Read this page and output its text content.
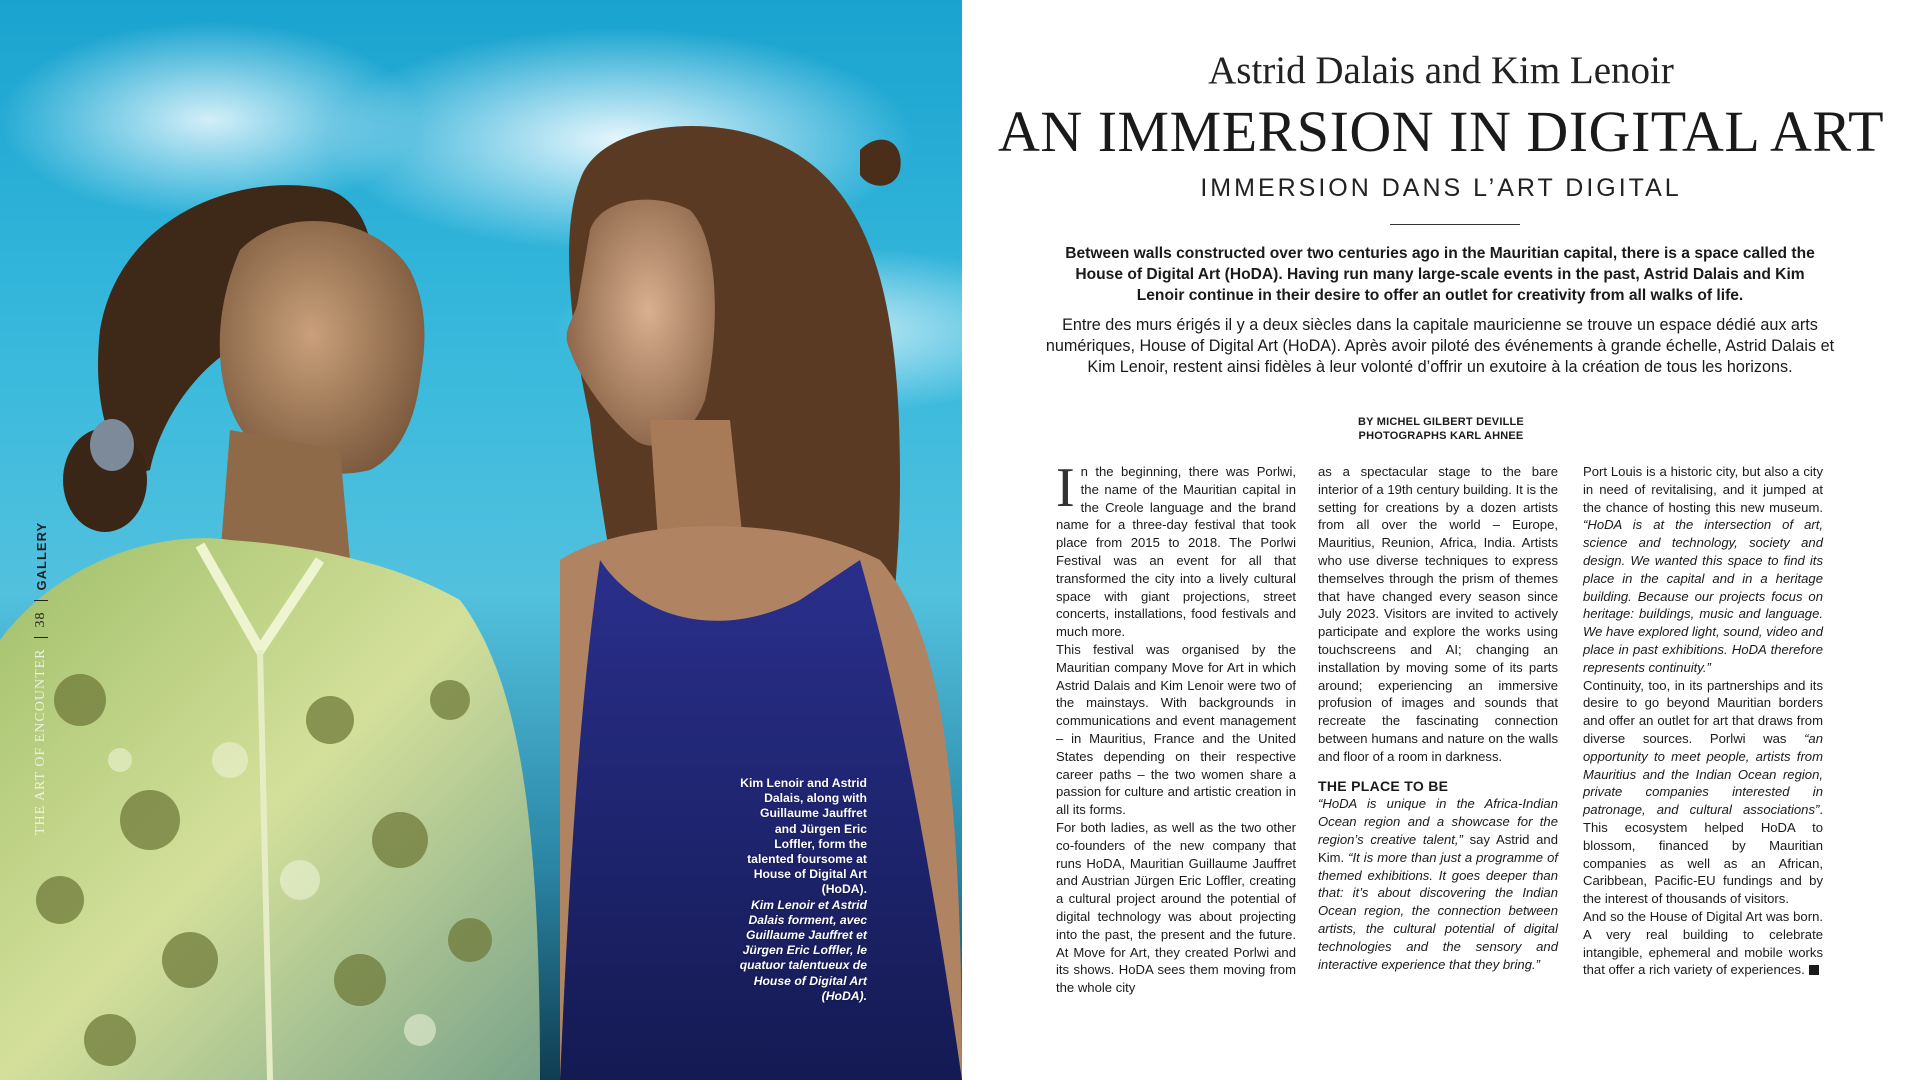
GALLERY
38
THE ART OF ENCOUNTER	Kim Lenoir and Astrid Dalais, along with Guillaume Jauffret and Jürgen Eric Loffler, form the talented foursome at House of Digital Art (HoDA).
Kim Lenoir et Astrid Dalais forment, avec Guillaume Jauffret et Jürgen Eric Loffler, le quatuor talentueux de House of Digital Art (HoDA).
Astrid Dalais and Kim Lenoir
AN IMMERSION IN DIGITAL ART
IMMERSION DANS L’ART DIGITAL
Between walls constructed over two centuries ago in the Mauritian capital, there is a space called the House of Digital Art (HoDA). Having run many large-scale events in the past, Astrid Dalais and Kim Lenoir continue in their desire to offer an outlet for creativity from all walks of life.
Entre des murs érigés il y a deux siècles dans la capitale mauricienne se trouve un espace dédié aux arts numériques, House of Digital Art (HoDA). Après avoir piloté des événements à grande échelle, Astrid Dalais et Kim Lenoir, restent ainsi fidèles à leur volonté d’offrir un exutoire à la création de tous les horizons.
BY MICHEL GILBERT DEVILLE
PHOTOGRAPHS KARL AHNEE

In the beginning, there was Porlwi, the name of the Mauritian capital in the Creole language and the brand name for a three-day festival that took place from 2015 to 2018. The Porlwi Festival was an event for all that transformed the city into a lively cultural space with giant projections, street concerts, installations, food festivals and much more.

This festival was organised by the Mauritian company Move for Art in which Astrid Dalais and Kim Lenoir were two of the mainstays. With backgrounds in communications and event management – in Mauritius, France and the United States depending on their respective career paths – the two women share a passion for culture and artistic creation in all its forms.

For both ladies, as well as the two other co-founders of the new company that runs HoDA, Mauritian Guillaume Jauffret and Austrian Jürgen Eric Loffler, creating a cultural project around the potential of digital technology was about projecting into the past, the present and the future. At Move for Art, they created Porlwi and its shows. HoDA sees them moving from the whole city

as a spectacular stage to the bare interior of a 19th century building. It is the setting for creations by a dozen artists from all over the world – Europe, Mauritius, Reunion, Africa, India. Artists who use diverse techniques to express themselves through the prism of themes that have changed every season since July 2023. Visitors are invited to actively participate and explore the works using touchscreens and AI; changing an installation by moving some of its parts around; experiencing an immersive profusion of images and sounds that recreate the fascinating connection between humans and nature on the walls and floor of a room in darkness.

THE PLACE TO BE

“HoDA is unique in the Africa-Indian Ocean region and a showcase for the region’s creative talent,” say Astrid and Kim. “It is more than just a programme of themed exhibitions. It goes deeper than that: it’s about discovering the Indian Ocean region, the connection between artists, the cultural potential of digital technologies and the sensory and interactive experience that they bring.”

Port Louis is a historic city, but also a city in need of revitalising, and it jumped at the chance of hosting this new museum. “HoDA is at the intersection of art, science and technology, society and design. We wanted this space to find its place in the capital and in a heritage building. Because our projects focus on heritage: buildings, music and language. We have explored light, sound, video and place in past exhibitions. HoDA therefore represents continuity.”

Continuity, too, in its partnerships and its desire to go beyond Mauritian borders and offer an outlet for art that draws from diverse sources. Porlwi was “an opportunity to meet people, artists from Mauritius and the Indian Ocean region, private companies interested in patronage, and cultural associations”. This ecosystem helped HoDA to blossom, financed by Mauritian companies as well as an African, Caribbean, Pacific-EU fundings and by the interest of thousands of visitors.

And so the House of Digital Art was born. A very real building to celebrate intangible, ephemeral and mobile works that offer a rich variety of experiences.
